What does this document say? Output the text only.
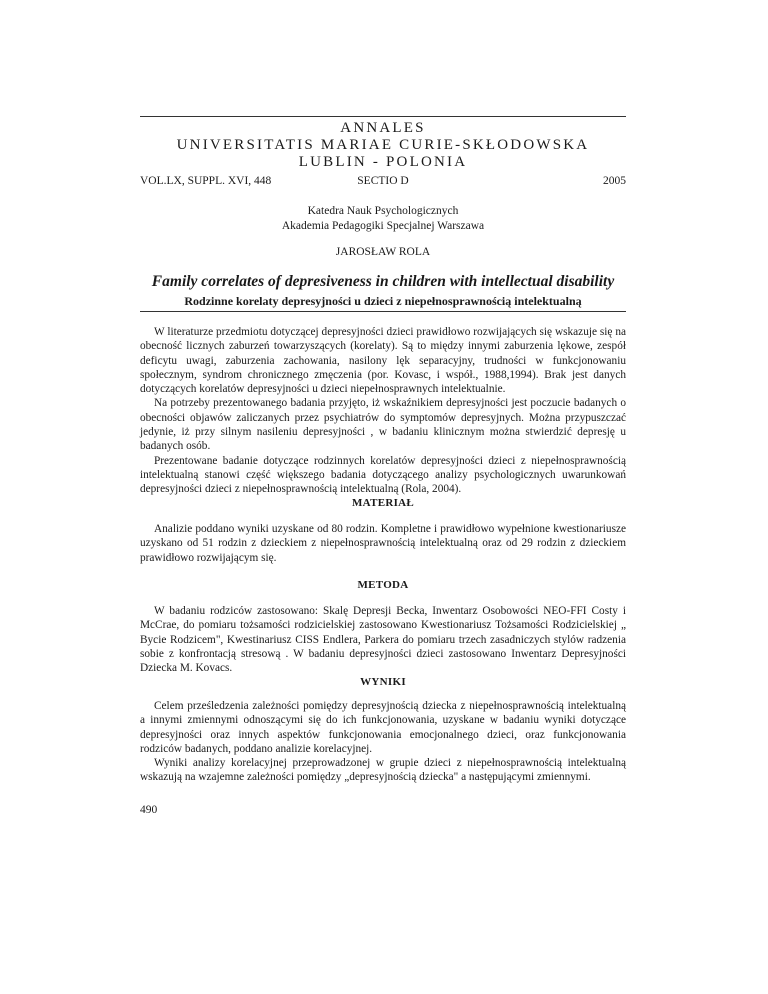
ANNALES
UNIVERSITATIS MARIAE CURIE-SKŁODOWSKA
LUBLIN - POLONIA
VOL.LX, SUPPL. XVI, 448	SECTIO D	2005
Katedra Nauk Psychologicznych
Akademia Pedagogiki Specjalnej Warszawa
JAROSŁAW ROLA
Family correlates of depresiveness in children with intellectual disability
Rodzinne korelaty depresyjności u dzieci z niepełnosprawnością intelektualną

W literaturze przedmiotu dotyczącej depresyjności dzieci prawidłowo rozwijających się wskazuje się na obecność licznych zaburzeń towarzyszących (korelaty). Są to między innymi zaburzenia lękowe, zespół deficytu uwagi, zaburzenia zachowania, nasilony lęk separacyjny, trudności w funkcjonowaniu społecznym, syndrom chronicznego zmęczenia (por. Kovasc, i współ., 1988,1994). Brak jest danych dotyczących korelatów depresyjności u dzieci niepełnosprawnych intelektualnie.

Na potrzeby prezentowanego badania przyjęto, iż wskaźnikiem depresyjności jest poczucie badanych o obecności objawów zaliczanych przez psychiatrów do symptomów depresyjnych. Można przypuszczać jedynie, iż przy silnym nasileniu depresyjności , w badaniu klinicznym można stwierdzić depresję u badanych osób.

Prezentowane badanie dotyczące rodzinnych korelatów depresyjności dzieci z niepełnosprawnością intelektualną stanowi część większego badania dotyczącego analizy psychologicznych uwarunkowań depresyjności dzieci z niepełnosprawnością intelektualną (Rola, 2004).

MATERIAŁ

Analizie poddano wyniki uzyskane od 80 rodzin. Kompletne i prawidłowo wypełnione kwestionariusze uzyskano od 51 rodzin z dzieckiem z niepełnosprawnością intelektualną oraz od 29 rodzin z dzieckiem prawidłowo rozwijającym się.

METODA

W badaniu rodziców zastosowano: Skalę Depresji Becka, Inwentarz Osobowości NEO-FFI Costy i McCrae, do pomiaru tożsamości rodzicielskiej zastosowano Kwestionariusz Tożsamości Rodzicielskiej „ Bycie Rodzicem", Kwestinariusz CISS Endlera, Parkera do pomiaru trzech zasadniczych stylów radzenia sobie z konfrontacją stresową . W badaniu depresyjności dzieci zastosowano Inwentarz Depresyjności Dziecka M. Kovacs.

WYNIKI

Celem prześledzenia zależności pomiędzy depresyjnością dziecka z niepełnosprawnością intelektualną a innymi zmiennymi odnoszącymi się do ich funkcjonowania, uzyskane w badaniu wyniki dotyczące depresyjności oraz innych aspektów funkcjonowania emocjonalnego dzieci, oraz funkcjonowania rodziców badanych, poddano analizie korelacyjnej.

Wyniki analizy korelacyjnej przeprowadzonej w grupie dzieci z niepełnosprawnością intelektualną wskazują na wzajemne zależności pomiędzy „depresyjnością dziecka" a następującymi zmiennymi.

490
